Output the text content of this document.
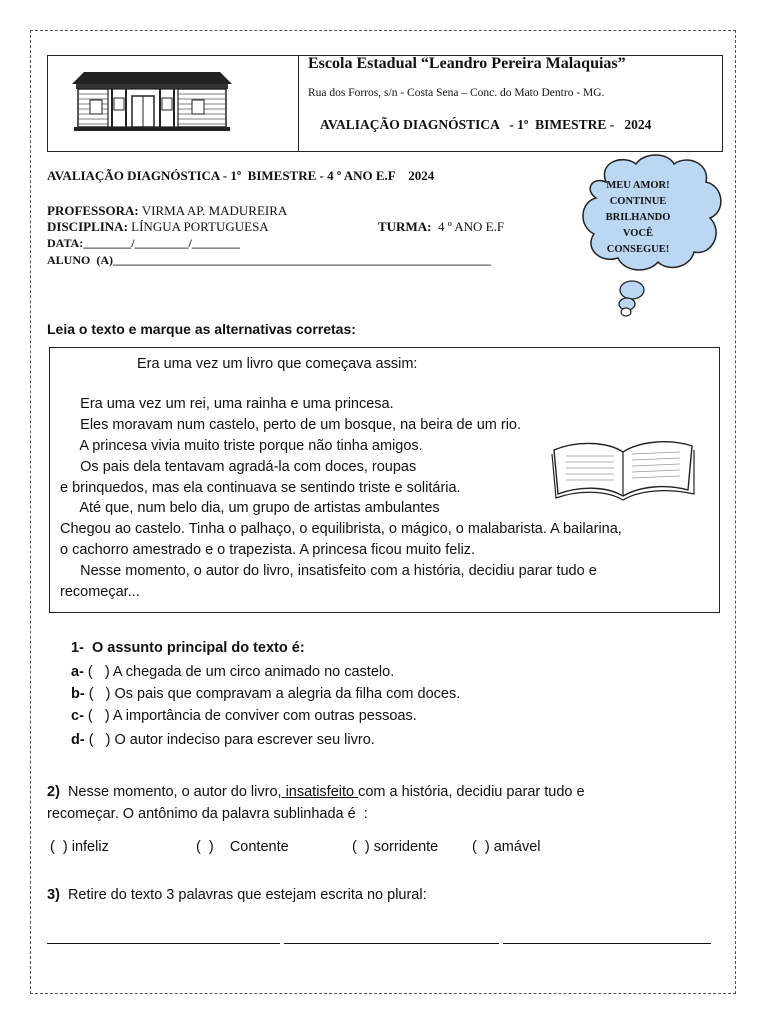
Escola Estadual “Leandro Pereira Malaquias”
Rua dos Forros, s/n - Costa Sena – Conc. do Mato Dentro - MG.
AVALIAÇÃO DIAGNÓSTICA   - 1º  BIMESTRE -   2024
AVALIAÇÃO DIAGNÓSTICA - 1º  BIMESTRE - 4 º ANO E.F    2024
PROFESSORA: VIRMA AP. MADUREIRA
DISCIPLINA: LÍNGUA PORTUGUESA	TURMA:  4 º ANO E.F
DATA:________/_________/________
ALUNO  (A)_______________________________________________________________
MEU AMOR!
CONTINUE
BRILHANDO
VOCÊ
CONSEGUE!
Leia o texto e marque as alternativas corretas:
Era uma vez um livro que começava assim:
Era uma vez um rei, uma rainha e uma princesa.
Eles moravam num castelo, perto de um bosque, na beira de um rio.
A princesa vivia muito triste porque não tinha amigos.
Os pais dela tentavam agradá-la com doces, roupas
e brinquedos, mas ela continuava se sentindo triste e solitária.
Até que, num belo dia, um grupo de artistas ambulantes
Chegou ao castelo. Tinha o palhaço, o equilibrista, o mágico, o malabarista. A bailarina,
o cachorro amestrado e o trapezista. A princesa ficou muito feliz.
Nesse momento, o autor do livro, insatisfeito com a história, decidiu parar tudo e
recomeçar...
1-  O assunto principal do texto é:
a- (   ) A chegada de um circo animado no castelo.
b- (   ) Os pais que compravam a alegria da filha com doces.
c- (   ) A importância de conviver com outras pessoas.
d- (   ) O autor indeciso para escrever seu livro.
2)  Nesse momento, o autor do livro, insatisfeito com a história, decidiu parar tudo e
recomeçar. O antônimo da palavra sublinhada é  :
(  ) infeliz	(  )    Contente	(  ) sorridente (  ) amável
3)  Retire do texto 3 palavras que estejam escrita no plural:
